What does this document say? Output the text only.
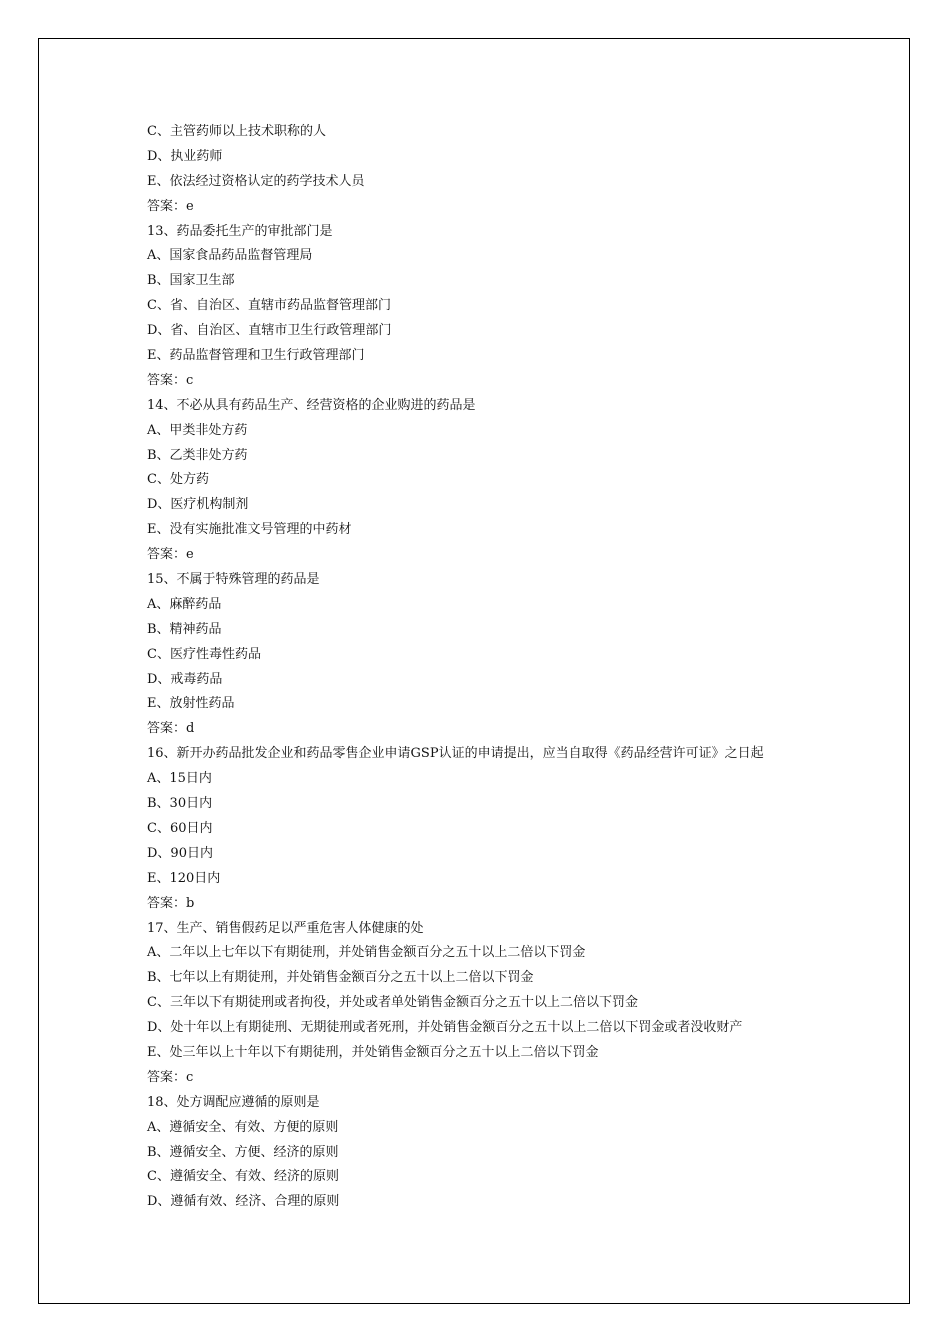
C、主管药师以上技术职称的人
D、执业药师
E、依法经过资格认定的药学技术人员
答案：e
13、药品委托生产的审批部门是
A、国家食品药品监督管理局
B、国家卫生部
C、省、自治区、直辖市药品监督管理部门
D、省、自治区、直辖市卫生行政管理部门
E、药品监督管理和卫生行政管理部门
答案：c
14、不必从具有药品生产、经营资格的企业购进的药品是
A、甲类非处方药
B、乙类非处方药
C、处方药
D、医疗机构制剂
E、没有实施批准文号管理的中药材
答案：e
15、不属于特殊管理的药品是
A、麻醉药品
B、精神药品
C、医疗性毒性药品
D、戒毒药品
E、放射性药品
答案：d
16、新开办药品批发企业和药品零售企业申请GSP认证的申请提出，应当自取得《药品经营许可证》之日起
A、15日内
B、30日内
C、60日内
D、90日内
E、120日内
答案：b
17、生产、销售假药足以严重危害人体健康的处
A、二年以上七年以下有期徒刑，并处销售金额百分之五十以上二倍以下罚金
B、七年以上有期徒刑，并处销售金额百分之五十以上二倍以下罚金
C、三年以下有期徒刑或者拘役，并处或者单处销售金额百分之五十以上二倍以下罚金
D、处十年以上有期徒刑、无期徒刑或者死刑，并处销售金额百分之五十以上二倍以下罚金或者没收财产
E、处三年以上十年以下有期徒刑，并处销售金额百分之五十以上二倍以下罚金
答案：c
18、处方调配应遵循的原则是
A、遵循安全、有效、方便的原则
B、遵循安全、方便、经济的原则
C、遵循安全、有效、经济的原则
D、遵循有效、经济、合理的原则
